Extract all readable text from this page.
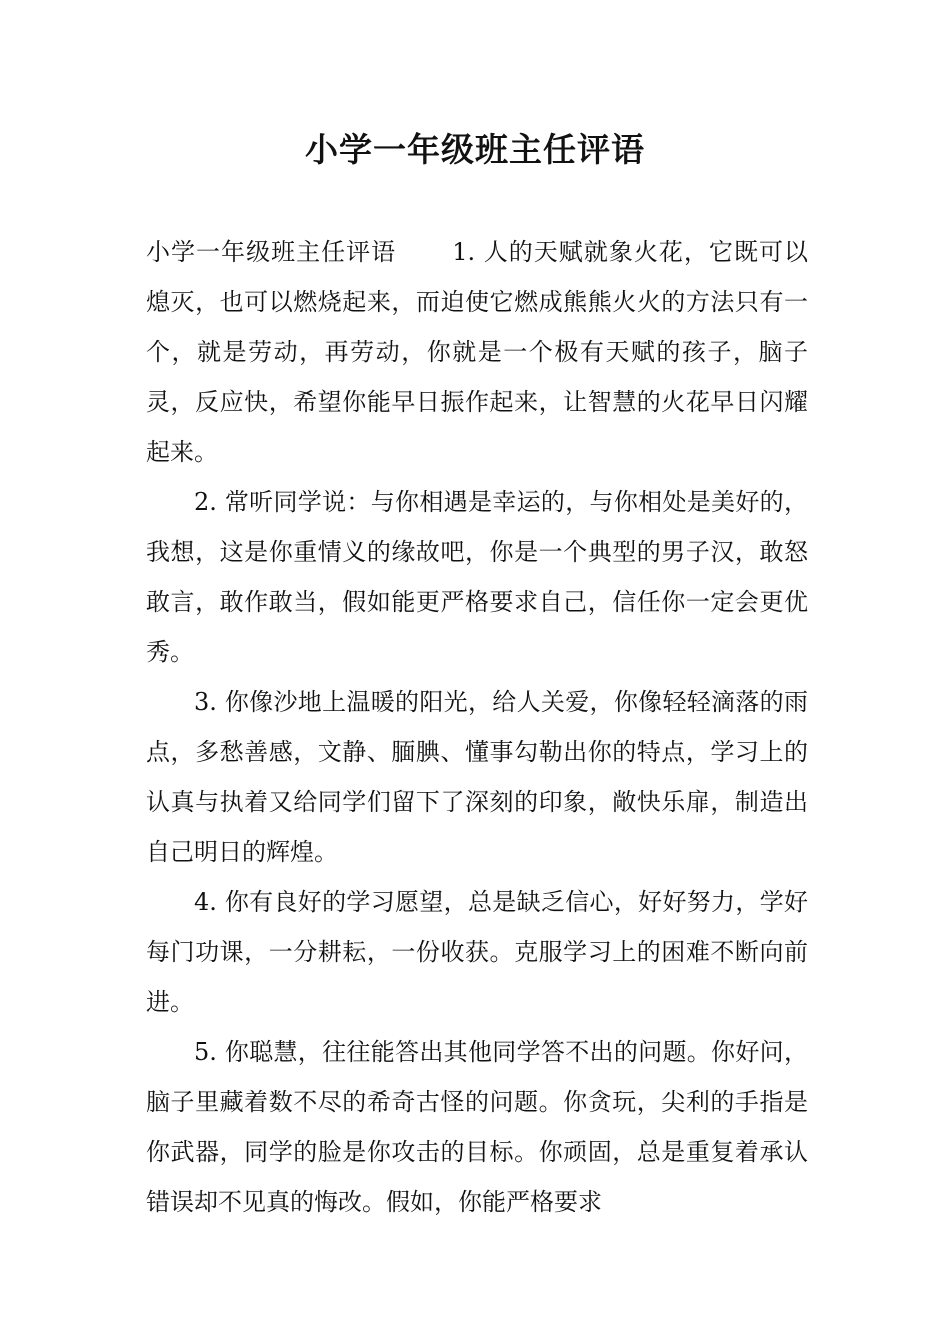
小学一年级班主任评语

小学一年级班主任评语 1. 人的天赋就象火花，它既可以熄灭，也可以燃烧起来，而迫使它燃成熊熊火火的方法只有一个，就是劳动，再劳动，你就是一个极有天赋的孩子，脑子灵，反应快，希望你能早日振作起来，让智慧的火花早日闪耀起来。

2. 常听同学说：与你相遇是幸运的，与你相处是美好的，我想，这是你重情义的缘故吧，你是一个典型的男子汉，敢怒敢言，敢作敢当，假如能更严格要求自己，信任你一定会更优秀。

3. 你像沙地上温暖的阳光，给人关爱，你像轻轻滴落的雨点，多愁善感，文静、腼腆、懂事勾勒出你的特点，学习上的认真与执着又给同学们留下了深刻的印象，敞快乐扉，制造出自己明日的辉煌。

4. 你有良好的学习愿望，总是缺乏信心，好好努力，学好每门功课，一分耕耘，一份收获。克服学习上的困难不断向前进。

5. 你聪慧，往往能答出其他同学答不出的问题。你好问，脑子里藏着数不尽的希奇古怪的问题。你贪玩，尖利的手指是你武器，同学的脸是你攻击的目标。你顽固，总是重复着承认错误却不见真的悔改。假如，你能严格要求
